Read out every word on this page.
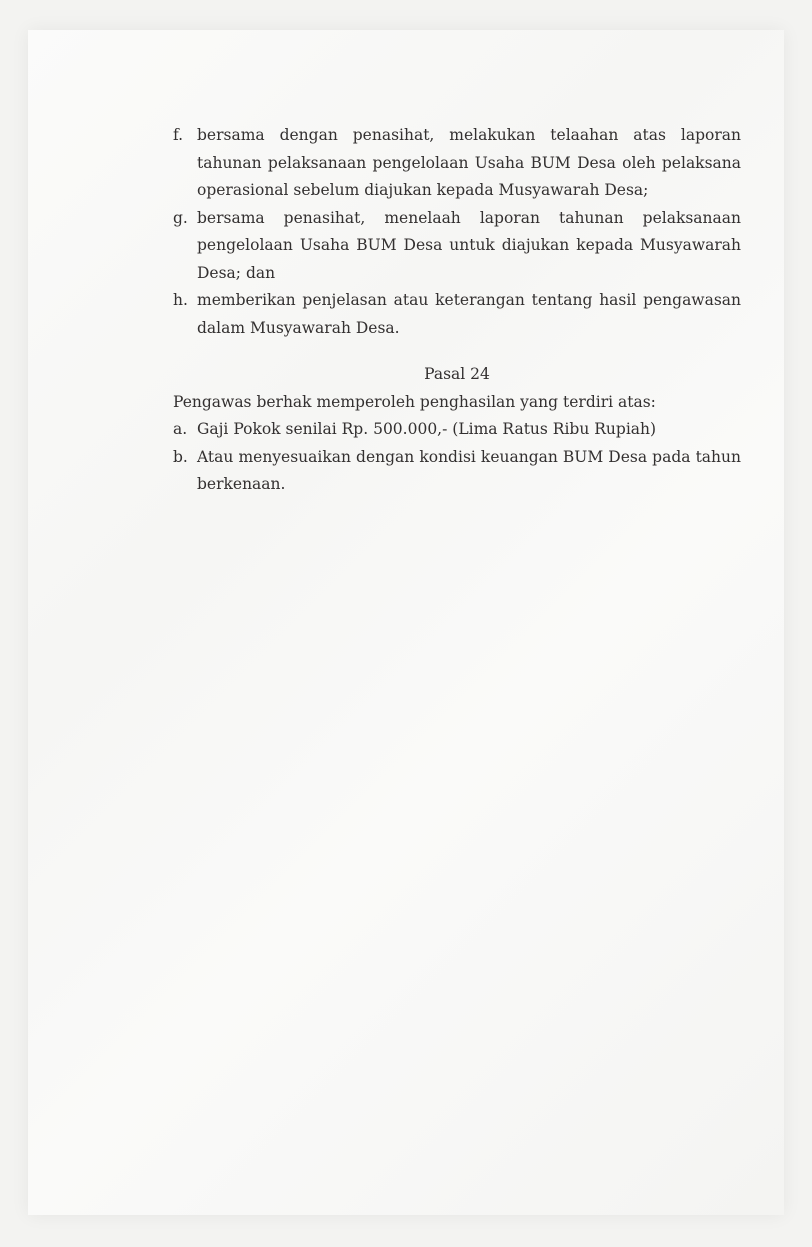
f. bersama dengan penasihat, melakukan telaahan atas laporan tahunan pelaksanaan pengelolaan Usaha BUM Desa oleh pelaksana operasional sebelum diajukan kepada Musyawarah Desa;
g. bersama penasihat, menelaah laporan tahunan pelaksanaan pengelolaan Usaha BUM Desa untuk diajukan kepada Musyawarah Desa; dan
h. memberikan penjelasan atau keterangan tentang hasil pengawasan dalam Musyawarah Desa.
Pasal 24

Pengawas berhak memperoleh penghasilan yang terdiri atas:

a. Gaji Pokok senilai Rp. 500.000,- (Lima Ratus Ribu Rupiah)
b. Atau menyesuaikan dengan kondisi keuangan BUM Desa pada tahun berkenaan.
